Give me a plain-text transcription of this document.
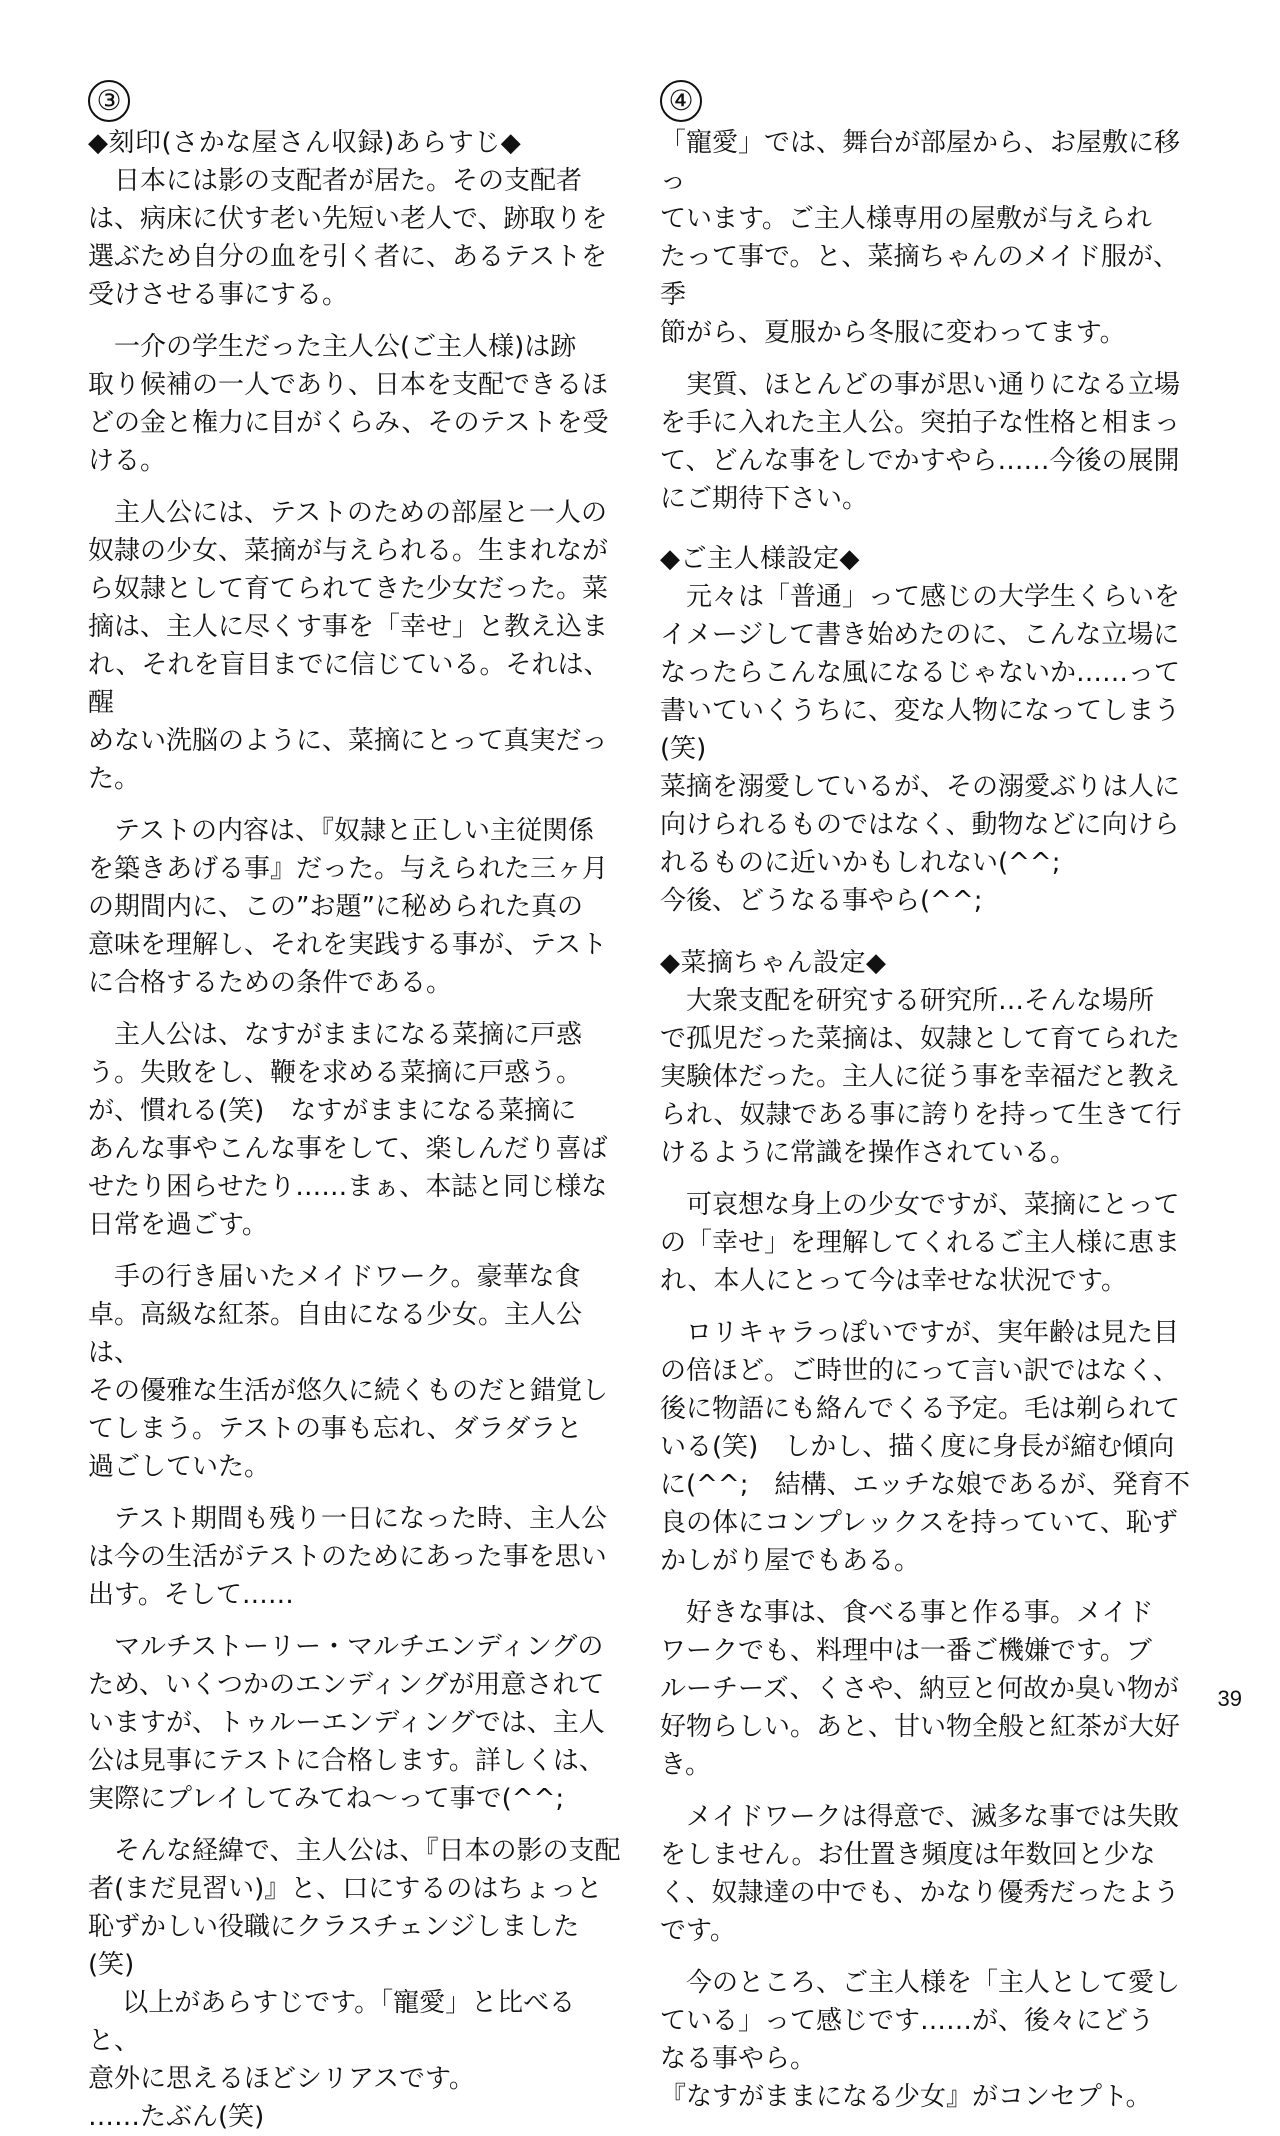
③

◆刻印(さかな屋さん収録)あらすじ◆

　日本には影の支配者が居た。その支配者
は、病床に伏す老い先短い老人で、跡取りを
選ぶため自分の血を引く者に、あるテストを
受けさせる事にする。

　一介の学生だった主人公(ご主人様)は跡
取り候補の一人であり、日本を支配できるほ
どの金と権力に目がくらみ、そのテストを受
ける。

　主人公には、テストのための部屋と一人の
奴隷の少女、菜摘が与えられる。生まれなが
ら奴隷として育てられてきた少女だった。菜
摘は、主人に尽くす事を「幸せ」と教え込ま
れ、それを盲目までに信じている。それは、醒
めない洗脳のように、菜摘にとって真実だっ
た。

　テストの内容は、『奴隷と正しい主従関係
を築きあげる事』だった。与えられた三ヶ月
の期間内に、この”お題”に秘められた真の
意味を理解し、それを実践する事が、テスト
に合格するための条件である。

　主人公は、なすがままになる菜摘に戸惑
う。失敗をし、鞭を求める菜摘に戸惑う。
が、慣れる(笑)　なすがままになる菜摘に
あんな事やこんな事をして、楽しんだり喜ば
せたり困らせたり……まぁ、本誌と同じ様な
日常を過ごす。

　手の行き届いたメイドワーク。豪華な食
卓。高級な紅茶。自由になる少女。主人公は、
その優雅な生活が悠久に続くものだと錯覚し
てしまう。テストの事も忘れ、ダラダラと
過ごしていた。

　テスト期間も残り一日になった時、主人公
は今の生活がテストのためにあった事を思い
出す。そして……

　マルチストーリー・マルチエンディングの
ため、いくつかのエンディングが用意されて
いますが、トゥルーエンディングでは、主人
公は見事にテストに合格します。詳しくは、
実際にプレイしてみてね～って事で(^^;

　そんな経緯で、主人公は、『日本の影の支配
者(まだ見習い)』と、口にするのはちょっと
恥ずかしい役職にクラスチェンジしました(笑)
　 以上があらすじです。「寵愛」と比べると、
意外に思えるほどシリアスです。
……たぶん(笑)

④

「寵愛」では、舞台が部屋から、お屋敷に移っ
ています。ご主人様専用の屋敷が与えられ
たって事で。と、菜摘ちゃんのメイド服が、季
節がら、夏服から冬服に変わってます。

　実質、ほとんどの事が思い通りになる立場
を手に入れた主人公。突拍子な性格と相まっ
て、どんな事をしでかすやら……今後の展開
にご期待下さい。

◆ご主人様設定◆

　元々は「普通」って感じの大学生くらいを
イメージして書き始めたのに、こんな立場に
なったらこんな風になるじゃないか……って
書いていくうちに、変な人物になってしまう
(笑)
菜摘を溺愛しているが、その溺愛ぶりは人に
向けられるものではなく、動物などに向けら
れるものに近いかもしれない(^^;
今後、どうなる事やら(^^;

◆菜摘ちゃん設定◆

　大衆支配を研究する研究所…そんな場所
で孤児だった菜摘は、奴隷として育てられた
実験体だった。主人に従う事を幸福だと教え
られ、奴隷である事に誇りを持って生きて行
けるように常識を操作されている。

　可哀想な身上の少女ですが、菜摘にとって
の「幸せ」を理解してくれるご主人様に恵ま
れ、本人にとって今は幸せな状況です。

　ロリキャラっぽいですが、実年齢は見た目
の倍ほど。ご時世的にって言い訳ではなく、
後に物語にも絡んでくる予定。毛は剃られて
いる(笑)　しかし、描く度に身長が縮む傾向
に(^^;　結構、エッチな娘であるが、発育不
良の体にコンプレックスを持っていて、恥ず
かしがり屋でもある。

　好きな事は、食べる事と作る事。メイド
ワークでも、料理中は一番ご機嫌です。ブ
ルーチーズ、くさや、納豆と何故か臭い物が
好物らしい。あと、甘い物全般と紅茶が大好
き。

　メイドワークは得意で、滅多な事では失敗
をしません。お仕置き頻度は年数回と少な
く、奴隷達の中でも、かなり優秀だったよう
です。

　今のところ、ご主人様を「主人として愛し
ている」って感じです……が、後々にどう
なる事やら。
『なすがままになる少女』がコンセプト。

39
